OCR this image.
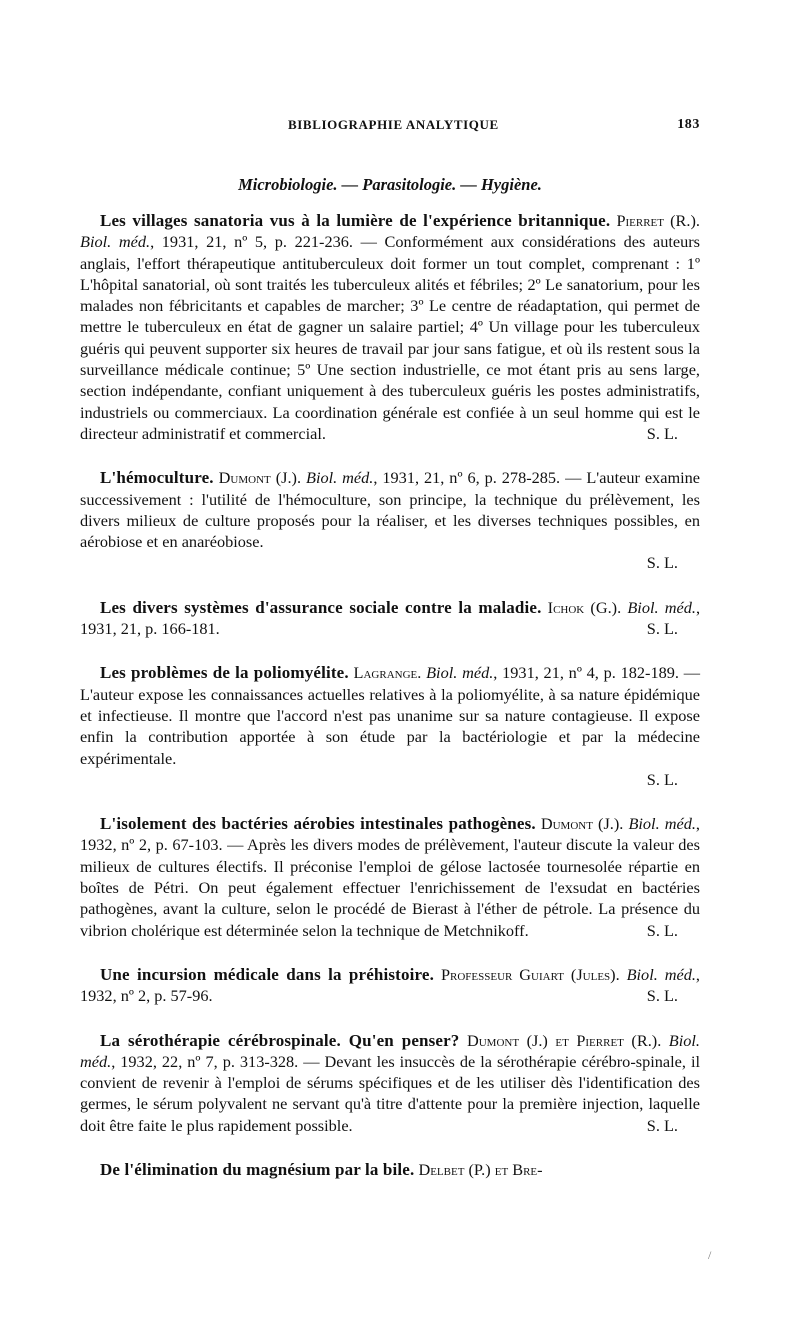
BIBLIOGRAPHIE ANALYTIQUE	183
Microbiologie. — Parasitologie. — Hygiène.

Les villages sanatoria vus à la lumière de l'expérience britannique. Pierret (R.). Biol. méd., 1931, 21, nº 5, p. 221-236. — Conformément aux considérations des auteurs anglais, l'effort thérapeutique antituberculeux doit former un tout complet, comprenant : 1º L'hôpital sanatorial, où sont traités les tuberculeux alités et fébriles; 2º Le sanatorium, pour les malades non fébricitants et capables de marcher; 3º Le centre de réadaptation, qui permet de mettre le tuberculeux en état de gagner un salaire partiel; 4º Un village pour les tuberculeux guéris qui peuvent supporter six heures de travail par jour sans fatigue, et où ils restent sous la surveillance médicale continue; 5º Une section industrielle, ce mot étant pris au sens large, section indépendante, confiant uniquement à des tuberculeux guéris les postes administratifs, industriels ou commerciaux. La coordination générale est confiée à un seul homme qui est le directeur administratif et commercial.	S. L.

L'hémoculture. Dumont (J.). Biol. méd., 1931, 21, nº 6, p. 278-285. — L'auteur examine successivement : l'utilité de l'hémoculture, son principe, la technique du prélèvement, les divers milieux de culture proposés pour la réaliser, et les diverses techniques possibles, en aérobiose et en anaréobiose.
S. L.

Les divers systèmes d'assurance sociale contre la maladie. Ichok (G.). Biol. méd., 1931, 21, p. 166-181.	S. L.

Les problèmes de la poliomyélite. Lagrange. Biol. méd., 1931, 21, nº 4, p. 182-189. — L'auteur expose les connaissances actuelles relatives à la poliomyélite, à sa nature épidémique et infectieuse. Il montre que l'accord n'est pas unanime sur sa nature contagieuse. Il expose enfin la contribution apportée à son étude par la bactériologie et par la médecine expérimentale.
S. L.

L'isolement des bactéries aérobies intestinales pathogènes. Dumont (J.). Biol. méd., 1932, nº 2, p. 67-103. — Après les divers modes de prélèvement, l'auteur discute la valeur des milieux de cultures électifs. Il préconise l'emploi de gélose lactosée tournesolée répartie en boîtes de Pétri. On peut également effectuer l'enrichissement de l'exsudat en bactéries pathogènes, avant la culture, selon le procédé de Bierast à l'éther de pétrole. La présence du vibrion cholérique est déterminée selon la technique de Metchnikoff.	S. L.

Une incursion médicale dans la préhistoire. Professeur Guiart (Jules). Biol. méd., 1932, nº 2, p. 57-96.	S. L.

La sérothérapie cérébrospinale. Qu'en penser? Dumont (J.) et Pierret (R.). Biol. méd., 1932, 22, nº 7, p. 313-328. — Devant les insuccès de la sérothérapie cérébro-spinale, il convient de revenir à l'emploi de sérums spécifiques et de les utiliser dès l'identification des germes, le sérum polyvalent ne servant qu'à titre d'attente pour la première injection, laquelle doit être faite le plus rapidement possible.	S. L.

De l'élimination du magnésium par la bile. Delbet (P.) et Bre-

/
